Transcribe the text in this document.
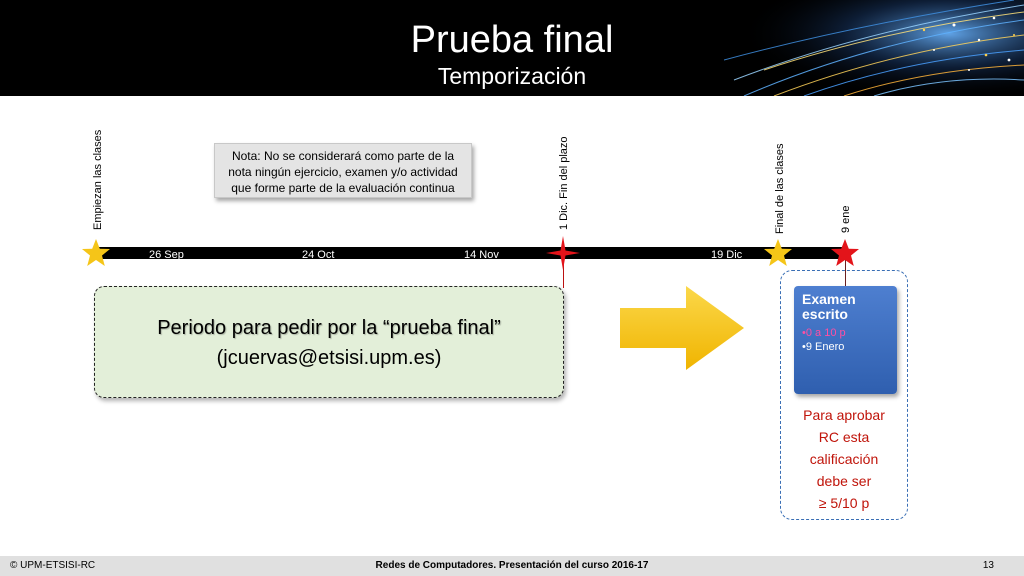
Prueba final
Temporización
Empiezan las clases	1 Dic. Fin del plazo	Final de las clases	9 ene
Nota: No se considerará como parte de la
nota ningún ejercicio, examen y/o actividad
que forme parte de la evaluación continua
26 Sep	24 Oct	14 Nov	19 Dic
Periodo para pedir por la “prueba final”
(jcuervas@etsisi.upm.es)
Examen escrito
•0 a 10 p
•9 Enero
Para aprobar
RC esta
calificación
debe ser
≥ 5/10 p
© UPM-ETSISI-RC	Redes de Computadores. Presentación del curso 2016-17	13
